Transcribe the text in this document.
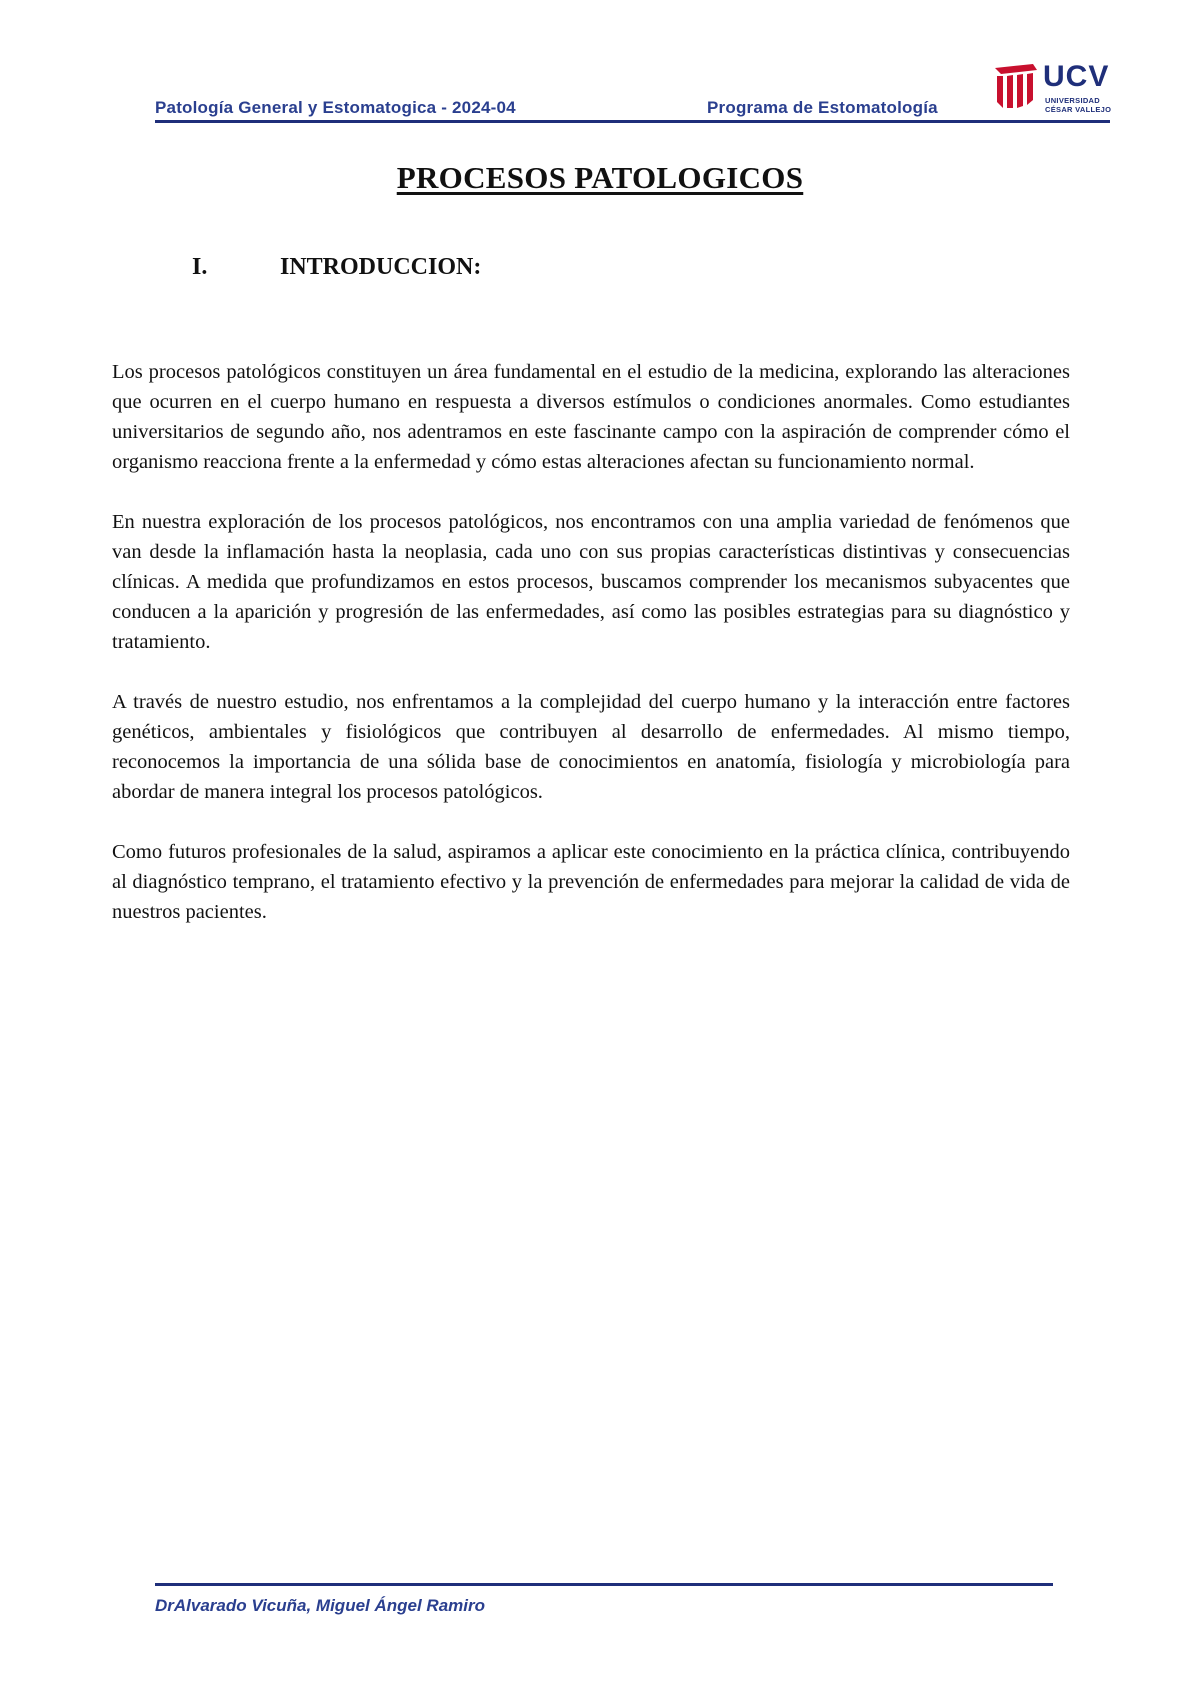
Patología General y Estomatogica - 2024-04	Programa de Estomatología
UCV
UNIVERSIDAD
CÉSAR VALLEJO
PROCESOS PATOLOGICOS
I.	INTRODUCCION:

Los procesos patológicos constituyen un área fundamental en el estudio de la medicina, explorando las alteraciones que ocurren en el cuerpo humano en respuesta a diversos estímulos o condiciones anormales. Como estudiantes universitarios de segundo año, nos adentramos en este fascinante campo con la aspiración de comprender cómo el organismo reacciona frente a la enfermedad y cómo estas alteraciones afectan su funcionamiento normal.

En nuestra exploración de los procesos patológicos, nos encontramos con una amplia variedad de fenómenos que van desde la inflamación hasta la neoplasia, cada uno con sus propias características distintivas y consecuencias clínicas. A medida que profundizamos en estos procesos, buscamos comprender los mecanismos subyacentes que conducen a la aparición y progresión de las enfermedades, así como las posibles estrategias para su diagnóstico y tratamiento.

A través de nuestro estudio, nos enfrentamos a la complejidad del cuerpo humano y la interacción entre factores genéticos, ambientales y fisiológicos que contribuyen al desarrollo de enfermedades. Al mismo tiempo, reconocemos la importancia de una sólida base de conocimientos en anatomía, fisiología y microbiología para abordar de manera integral los procesos patológicos.

Como futuros profesionales de la salud, aspiramos a aplicar este conocimiento en la práctica clínica, contribuyendo al diagnóstico temprano, el tratamiento efectivo y la prevención de enfermedades para mejorar la calidad de vida de nuestros pacientes.

DrAlvarado Vicuña, Miguel Ángel Ramiro
